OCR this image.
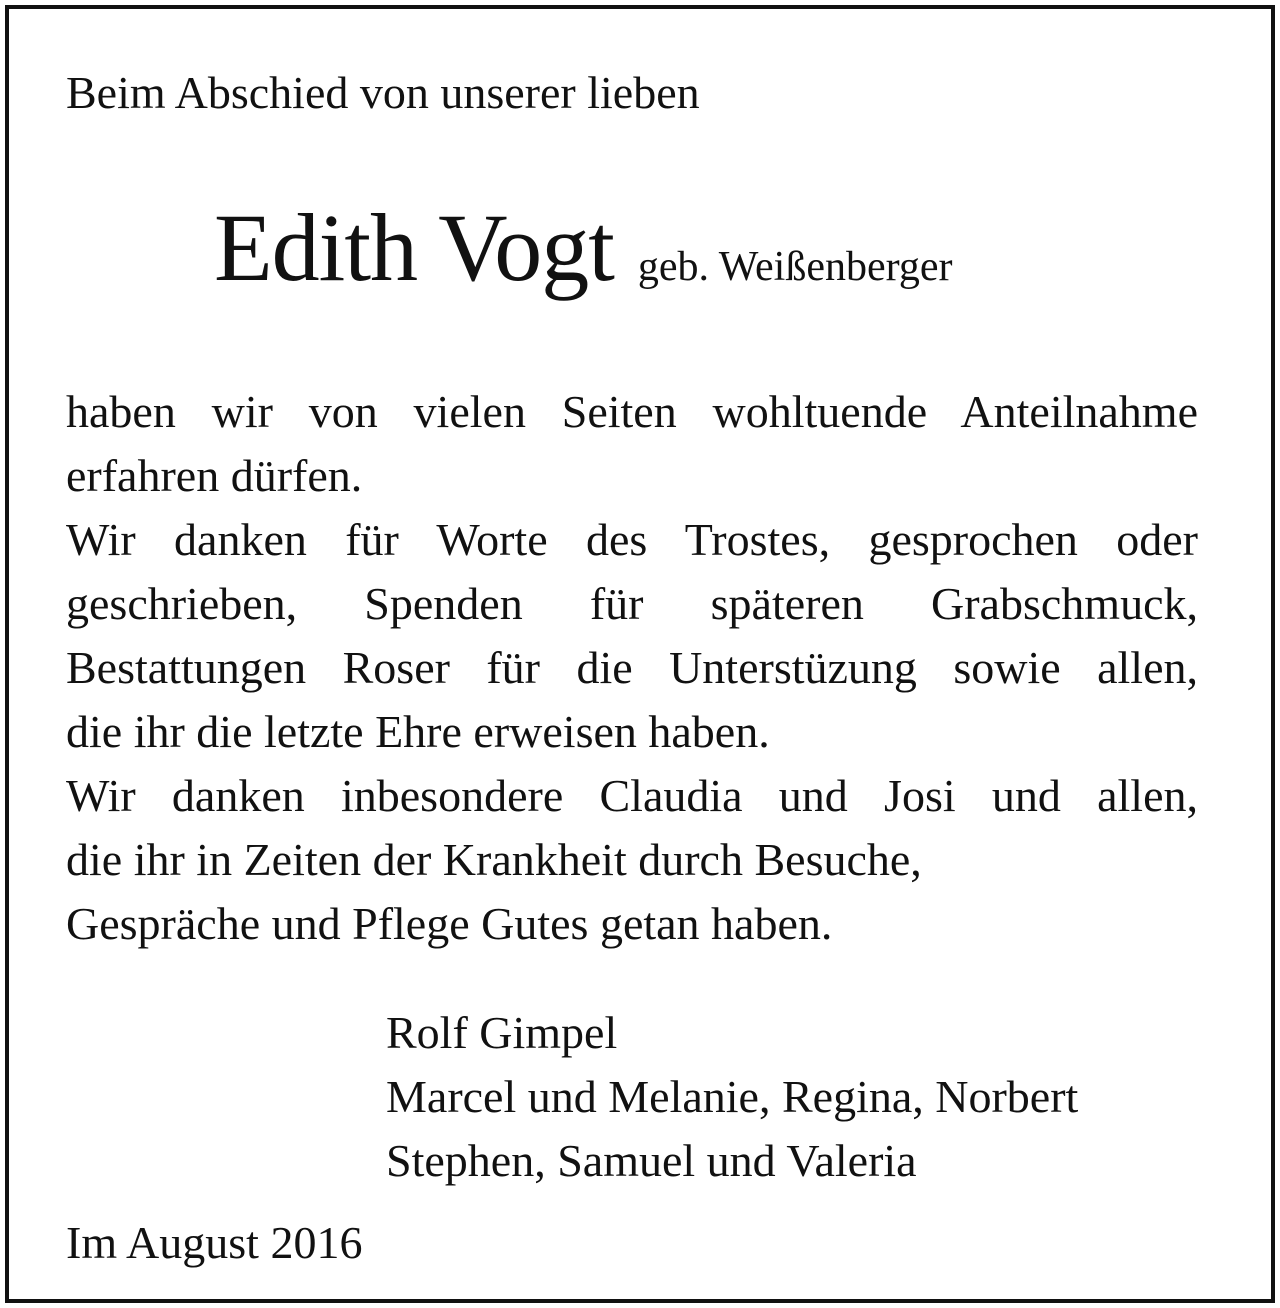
Beim Abschied von unserer lieben
Edith Vogt geb. Weißenberger
haben wir von vielen Seiten wohltuende Anteilnahme
erfahren dürfen.
Wir danken für Worte des Trostes, gesprochen oder
geschrieben, Spenden für späteren Grabschmuck,
Bestattungen Roser für die Unterstüzung sowie allen,
die ihr die letzte Ehre erweisen haben.
Wir danken inbesondere Claudia und Josi und allen,
die ihr in Zeiten der Krankheit durch Besuche,
Gespräche und Pflege Gutes getan haben.
Rolf Gimpel
Marcel und Melanie, Regina, Norbert
Stephen, Samuel und Valeria
Im August 2016
